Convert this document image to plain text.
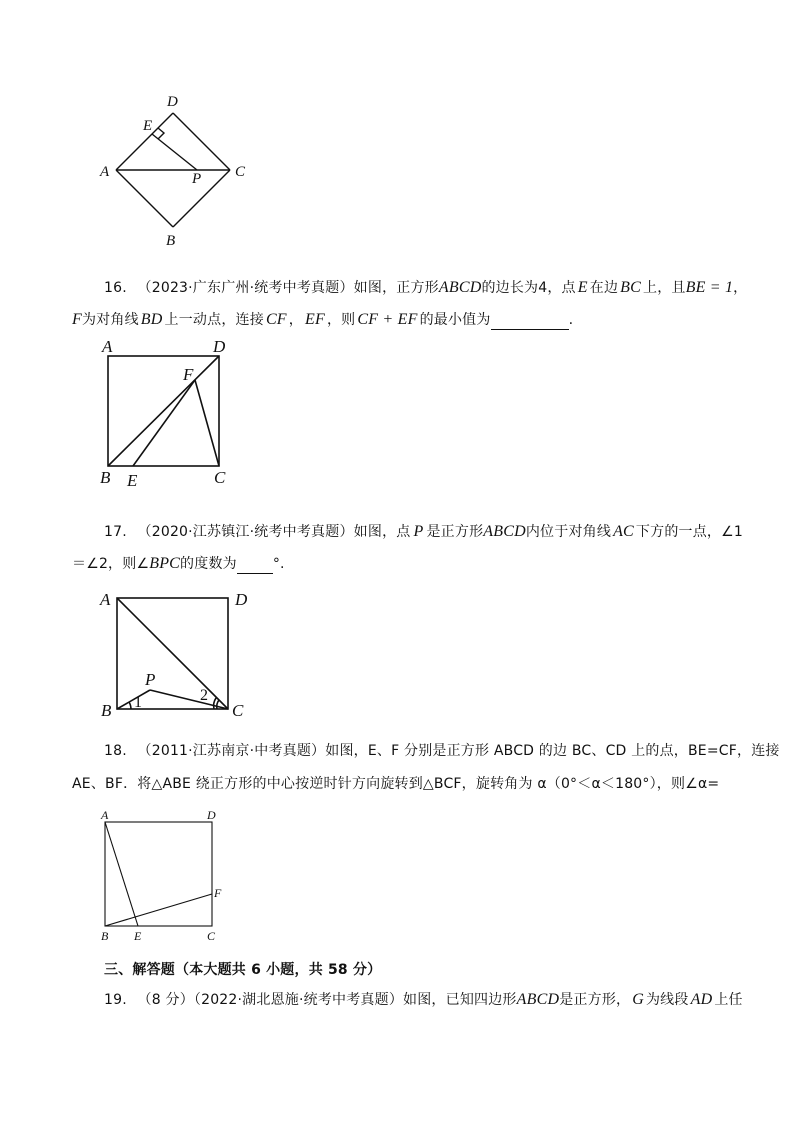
D
E
A	P C
B
16. （2023·广东广州·统考中考真题）如图，正方形ABCD的边长为4，点 E 在边 BC 上，且BE = 1，
F为对角线 BD 上一动点，连接 CF ， EF ，则 CF + EF 的最小值为	.
A	D
F
B E	C
17. （2020·江苏镇江·统考中考真题）如图，点 P 是正方形ABCD内位于对角线 AC 下方的一点，∠1
＝∠2，则∠BPC的度数为	°.
A	D
P
B	C
1	2
18. （2011·江苏南京·中考真题）如图，E、F 分别是正方形 ABCD 的边 BC、CD 上的点，BE=CF，连接
AE、BF．将△ABE 绕正方形的中心按逆时针方向旋转到△BCF，旋转角为 α（0°＜α＜180°），则∠α=
A	D
F
B E	C
三、解答题（本大题共 6 小题，共 58 分）
19. （8 分）（2022·湖北恩施·统考中考真题）如图，已知四边形ABCD是正方形， G 为线段 AD 上任
